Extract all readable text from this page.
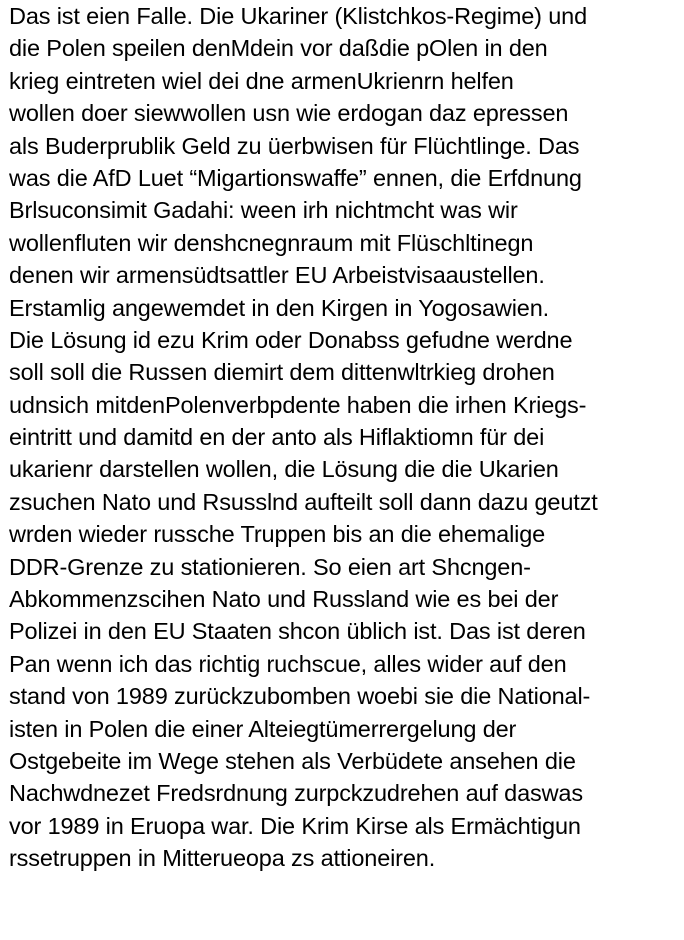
Das ist eien Falle. Die Ukariner (Klistchkos-Regime) und
die Polen speilen denMdein vor daßdie pOlen in den
krieg eintreten wiel dei dne armenUkrienrn helfen
wollen doer siewwollen usn wie erdogan daz epressen
als Buderprublik Geld zu üerbwisen für Flüchtlinge. Das
was die AfD Luet “Migartionswaffe” ennen, die Erfdnung
Brlsuconsimit Gadahi: ween irh nichtmcht was wir
wollenfluten wir denshcnegnraum mit Flüschltinegn
denen wir armensüdtsattler EU Arbeistvisaaustellen.
Erstamlig angewemdet in den Kirgen in Yogosawien.
Die Lösung id ezu Krim oder Donabss gefudne werdne
soll soll die Russen diemirt dem dittenwltrkieg drohen
udnsich mitdenPolenverbpdente haben die irhen Kriegs-
eintritt und damitd en der anto als Hiflaktiomn für dei
ukarienr darstellen wollen, die Lösung die die Ukarien
zsuchen Nato und Rsusslnd aufteilt soll dann dazu geutzt
wrden wieder russche Truppen bis an die ehemalige
DDR-Grenze zu stationieren. So eien art Shcngen-
Abkommenzscihen Nato und Russland wie es bei der
Polizei in den EU Staaten shcon üblich ist. Das ist deren
Pan wenn ich das richtig ruchscue, alles wider auf den
stand von 1989 zurückzubomben woebi sie die National-
isten in Polen die einer Alteiegtümerrergelung der
Ostgebeite im Wege stehen als Verbüdete ansehen die
Nachwdnezet Fredsrdnung zurpckzudrehen auf daswas
vor 1989 in Eruopa war. Die Krim Kirse als Ermächtigun
rssetruppen in Mitterueopa zs attioneiren.
